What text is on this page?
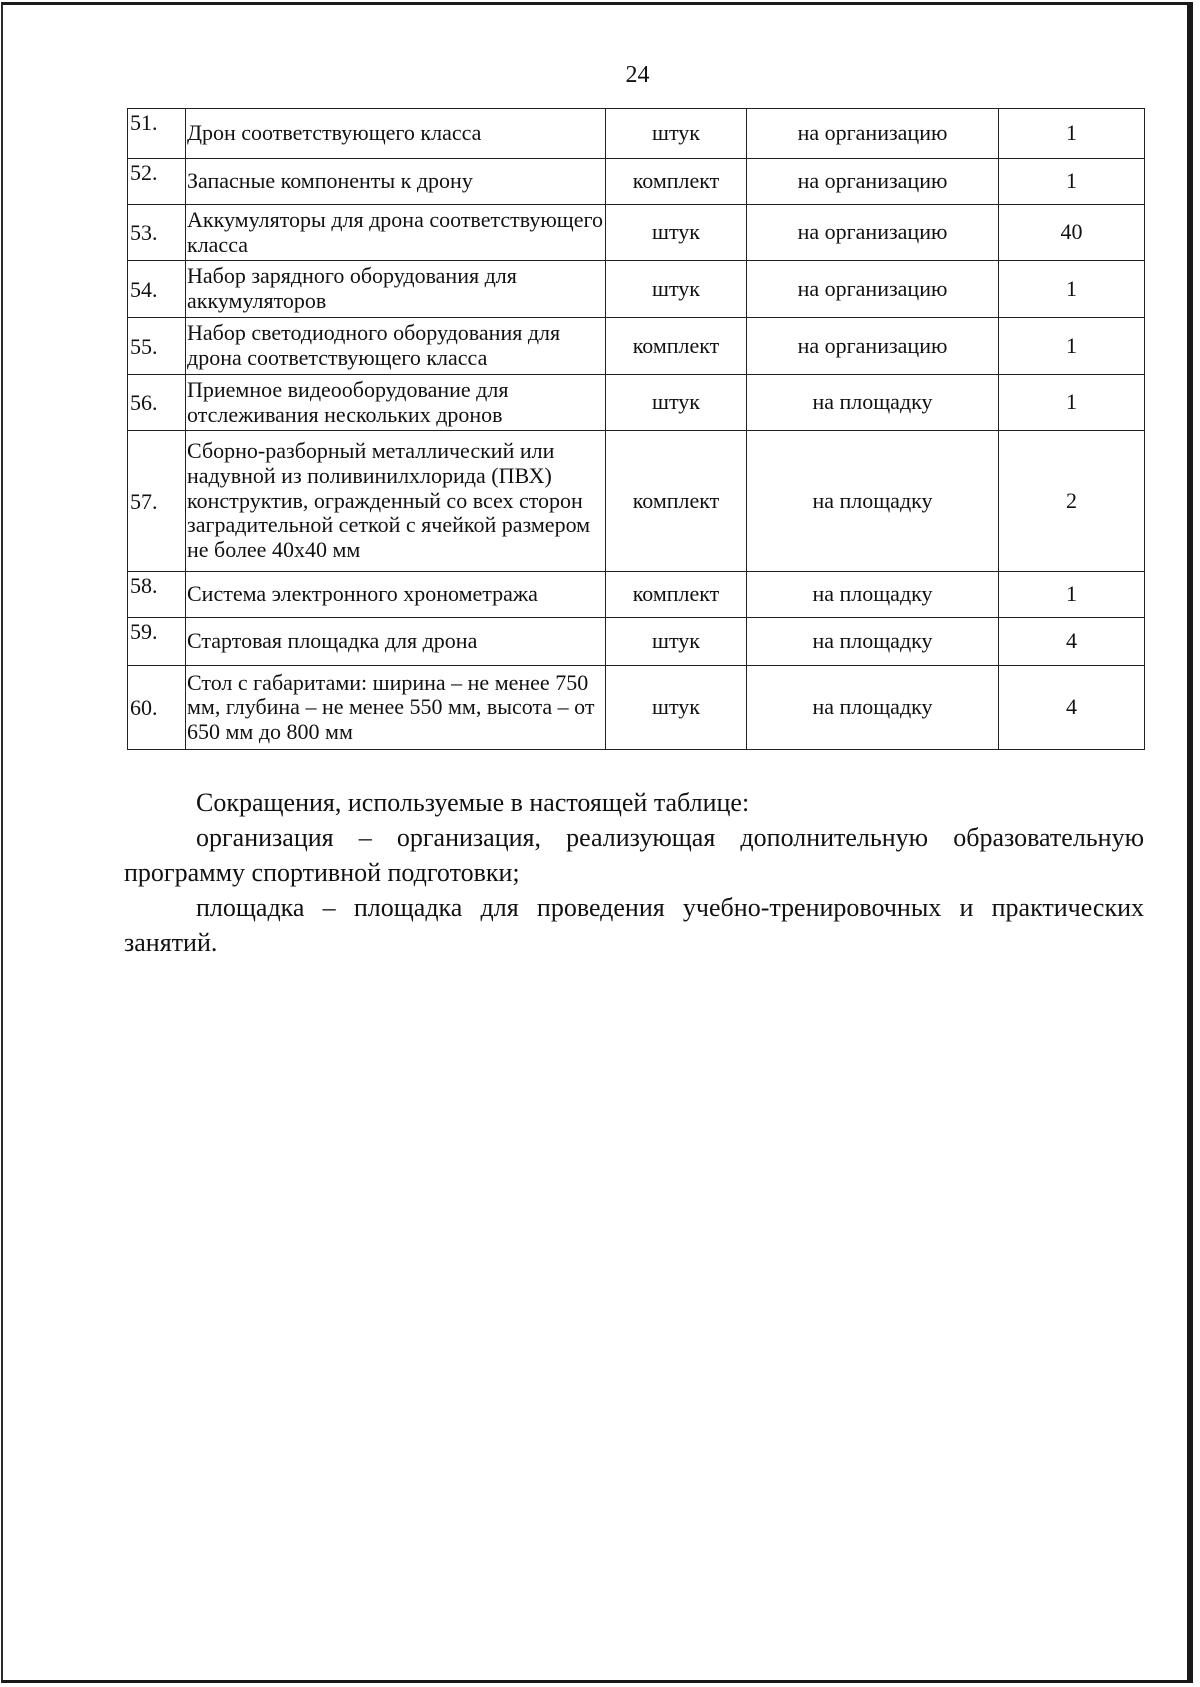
24
51.	Дрон соответствующего класса	штук	на организацию	1
52.	Запасные компоненты к дрону	комплект	на организацию	1
53.	Аккумуляторы для дрона соответствующего класса	штук	на организацию	40
54.	Набор зарядного оборудования для аккумуляторов	штук	на организацию	1
55.	Набор светодиодного оборудования для дрона соответствующего класса	комплект	на организацию	1
56.	Приемное видеооборудование для отслеживания нескольких дронов	штук	на площадку	1
57.	Сборно-разборный металлический или надувной из поливинилхлорида (ПВХ) конструктив, огражденный со всех сторон заградительной сеткой с ячейкой размером не более 40х40 мм	комплект	на площадку	2
58.	Система электронного хронометража	комплект	на площадку	1
59.	Стартовая площадка для дрона	штук	на площадку	4
60.	Стол с габаритами: ширина – не менее 750 мм, глубина – не менее 550 мм, высота – от 650 мм до 800 мм	штук	на площадку	4

Сокращения, используемые в настоящей таблице:

организация – организация, реализующая дополнительную образовательную программу спортивной подготовки;

площадка – площадка для проведения учебно-тренировочных и практических занятий.
